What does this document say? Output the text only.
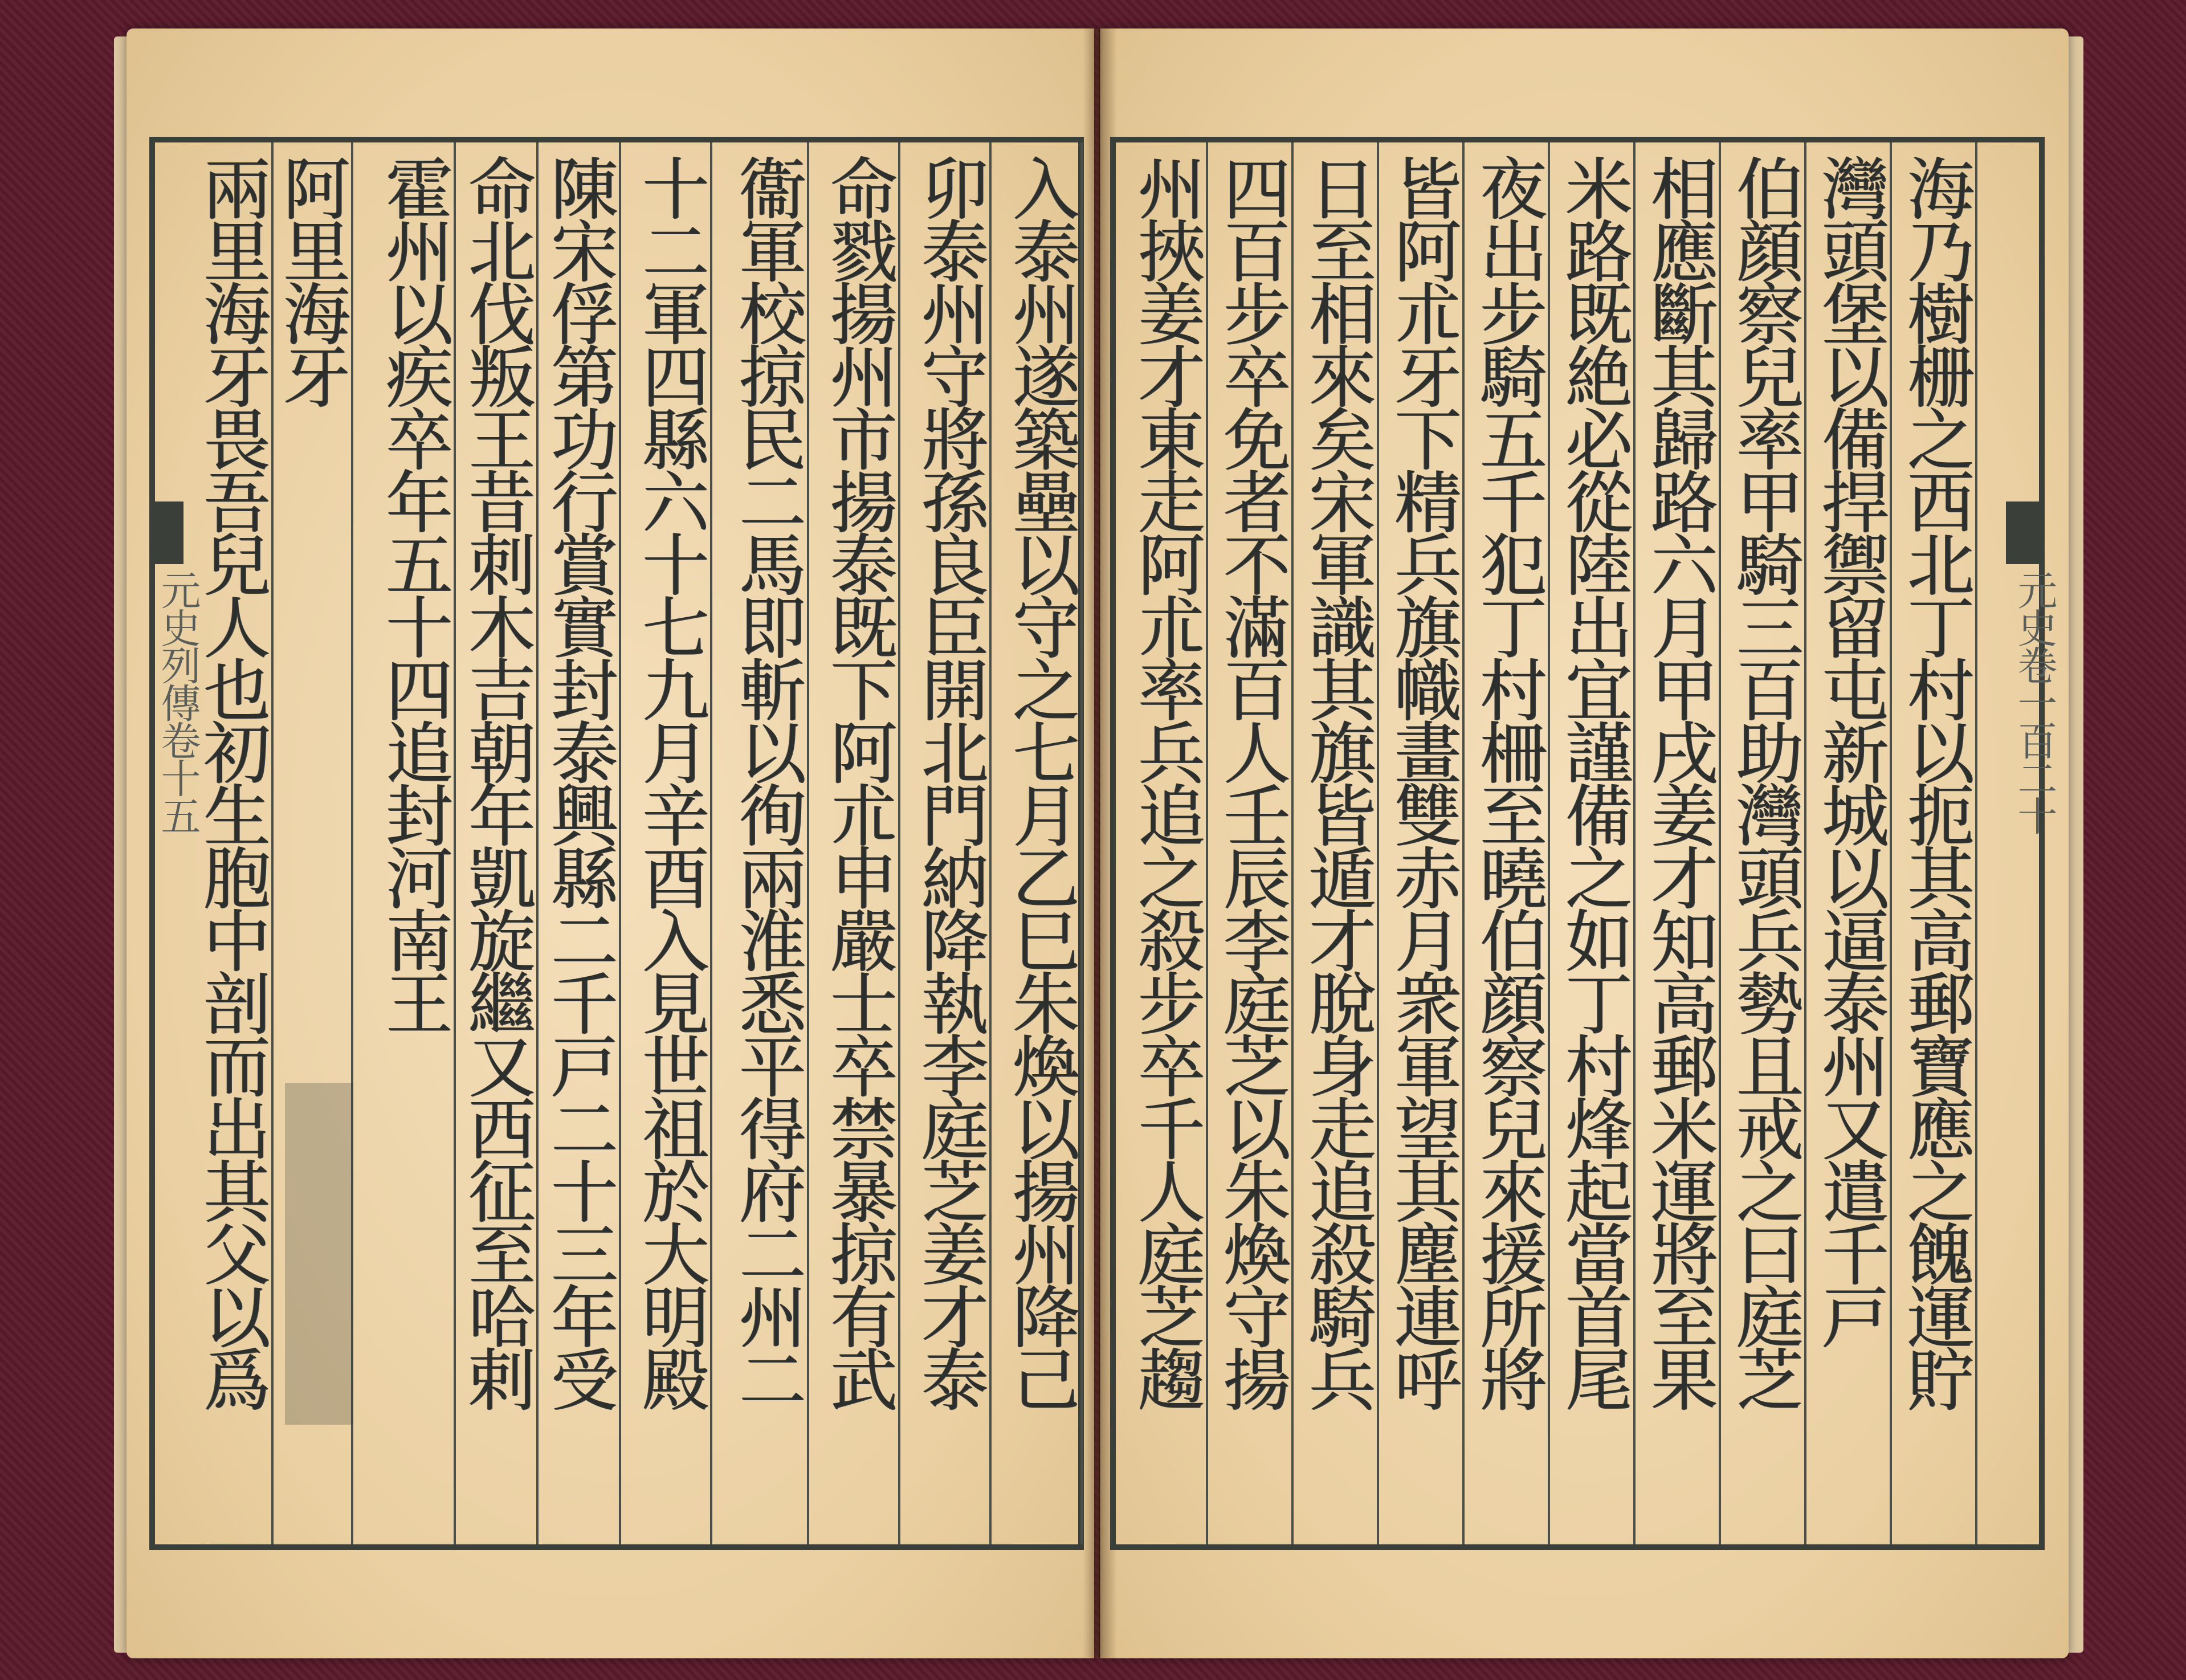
兩里海牙畏吾兒人也初生胞中剖而出其父以爲 阿里海牙 霍州以疾卒年五十四追封河南王 命北伐叛王昔刺木吉朝年凱旋繼又西征至哈剌 陳宋俘第功行賞實封泰興縣二千戸二十三年受 十二軍四縣六十七九月辛酉入見世祖於大明殿 衞軍校掠民二馬即斬以徇兩淮悉平得府二州二 命戮揚州市揚泰既下阿朮申嚴士卒禁暴掠有武 卯泰州守將孫良臣開北門納降執李庭芝姜才泰 入泰州遂築壘以守之七月乙巳朱煥以揚州降己 州挾姜才東走阿朮率兵追之殺步卒千人庭芝趨 四百步卒免者不滿百人壬辰李庭芝以朱煥守揚 日至相來矣宋軍識其旗皆遁才脫身走追殺騎兵 皆阿朮牙下精兵旗幟畫雙赤月衆軍望其塵連呼 夜出步騎五千犯丁村柵至曉伯顔察兒來援所將 米路既絶必從陸出宜謹備之如丁村烽起當首尾 相應斷其歸路六月甲戌姜才知高郵米運將至果 伯顔察兒率甲騎三百助灣頭兵勢且戒之曰庭芝 灣頭堡以備捍禦留屯新城以逼泰州又遣千戸 海乃樹栅之西北丁村以扼其高郵寶應之餽運貯
元史列傳卷十五	元史卷一百二十
